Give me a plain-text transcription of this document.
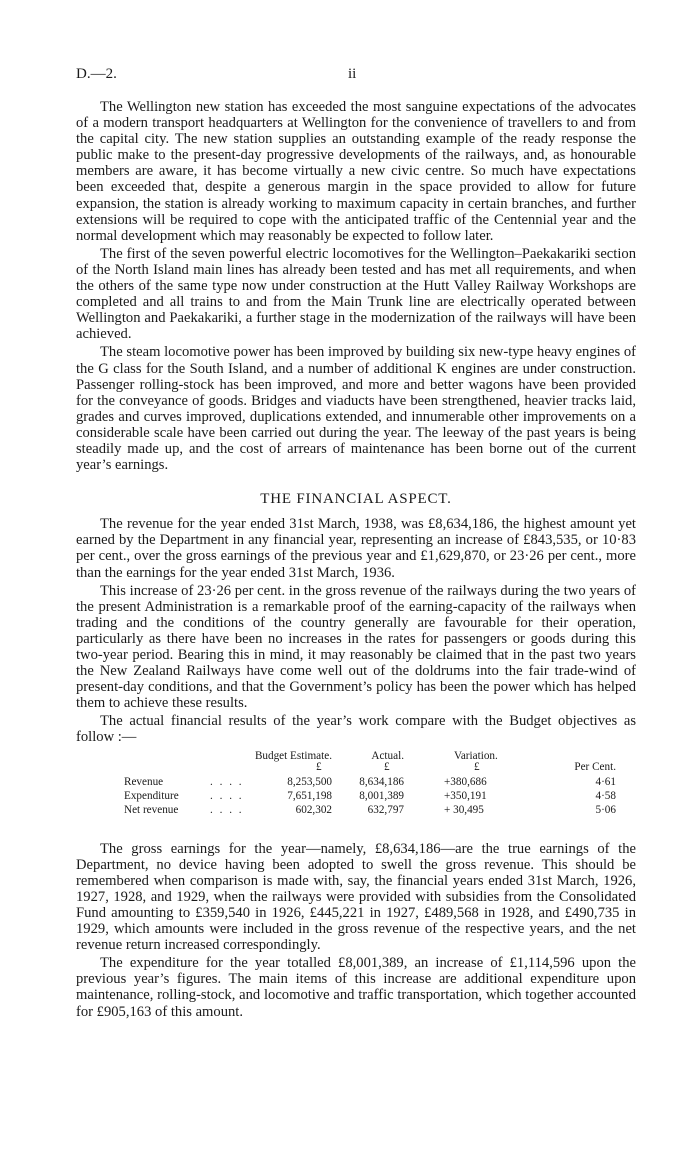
D.—2.	ii

The Wellington new station has exceeded the most sanguine expectations of the advocates of a modern transport headquarters at Wellington for the convenience of travellers to and from the capital city. The new station supplies an outstanding example of the ready response the public make to the present-day progressive developments of the railways, and, as honourable members are aware, it has become virtually a new civic centre. So much have expectations been exceeded that, despite a generous margin in the space provided to allow for future expansion, the station is already working to maximum capacity in certain branches, and further extensions will be required to cope with the anticipated traffic of the Centennial year and the normal development which may reasonably be expected to follow later.

The first of the seven powerful electric locomotives for the Wellington–Paekakariki section of the North Island main lines has already been tested and has met all requirements, and when the others of the same type now under construction at the Hutt Valley Railway Workshops are completed and all trains to and from the Main Trunk line are electrically operated between Wellington and Paekakariki, a further stage in the modernization of the railways will have been achieved.

The steam locomotive power has been improved by building six new-type heavy engines of the G class for the South Island, and a number of additional K engines are under construction. Passenger rolling-stock has been improved, and more and better wagons have been provided for the conveyance of goods. Bridges and viaducts have been strengthened, heavier tracks laid, grades and curves improved, duplications extended, and innumerable other improvements on a considerable scale have been carried out during the year. The leeway of the past years is being steadily made up, and the cost of arrears of maintenance has been borne out of the current year’s earnings.

THE FINANCIAL ASPECT.

The revenue for the year ended 31st March, 1938, was £8,634,186, the highest amount yet earned by the Department in any financial year, representing an increase of £843,535, or 10·83 per cent., over the gross earnings of the previous year and £1,629,870, or 23·26 per cent., more than the earnings for the year ended 31st March, 1936.

This increase of 23·26 per cent. in the gross revenue of the railways during the two years of the present Administration is a remarkable proof of the earning-capacity of the railways when trading and the conditions of the country generally are favourable for their operation, particularly as there have been no increases in the rates for passengers or goods during this two-year period. Bearing this in mind, it may reasonably be claimed that in the past two years the New Zealand Railways have come well out of the doldrums into the fair trade-wind of present-day conditions, and that the Government’s policy has been the power which has helped them to achieve these results.

The actual financial results of the year’s work compare with the Budget objectives as follow :—

Budget Estimate.	Actual.	Variation.
£	£	£	Per Cent.
Revenue	. . . .	8,253,500	8,634,186	+380,686	4·61
Expenditure	. . . .	7,651,198	8,001,389	+350,191	4·58
Net revenue	. . . .	602,302	632,797	+ 30,495	5·06

The gross earnings for the year—namely, £8,634,186—are the true earnings of the Department, no device having been adopted to swell the gross revenue. This should be remembered when comparison is made with, say, the financial years ended 31st March, 1926, 1927, 1928, and 1929, when the railways were provided with subsidies from the Consolidated Fund amounting to £359,540 in 1926, £445,221 in 1927, £489,568 in 1928, and £490,735 in 1929, which amounts were included in the gross revenue of the respective years, and the net revenue return increased correspondingly.

The expenditure for the year totalled £8,001,389, an increase of £1,114,596 upon the previous year’s figures. The main items of this increase are additional expenditure upon maintenance, rolling-stock, and locomotive and traffic transportation, which together accounted for £905,163 of this amount.
